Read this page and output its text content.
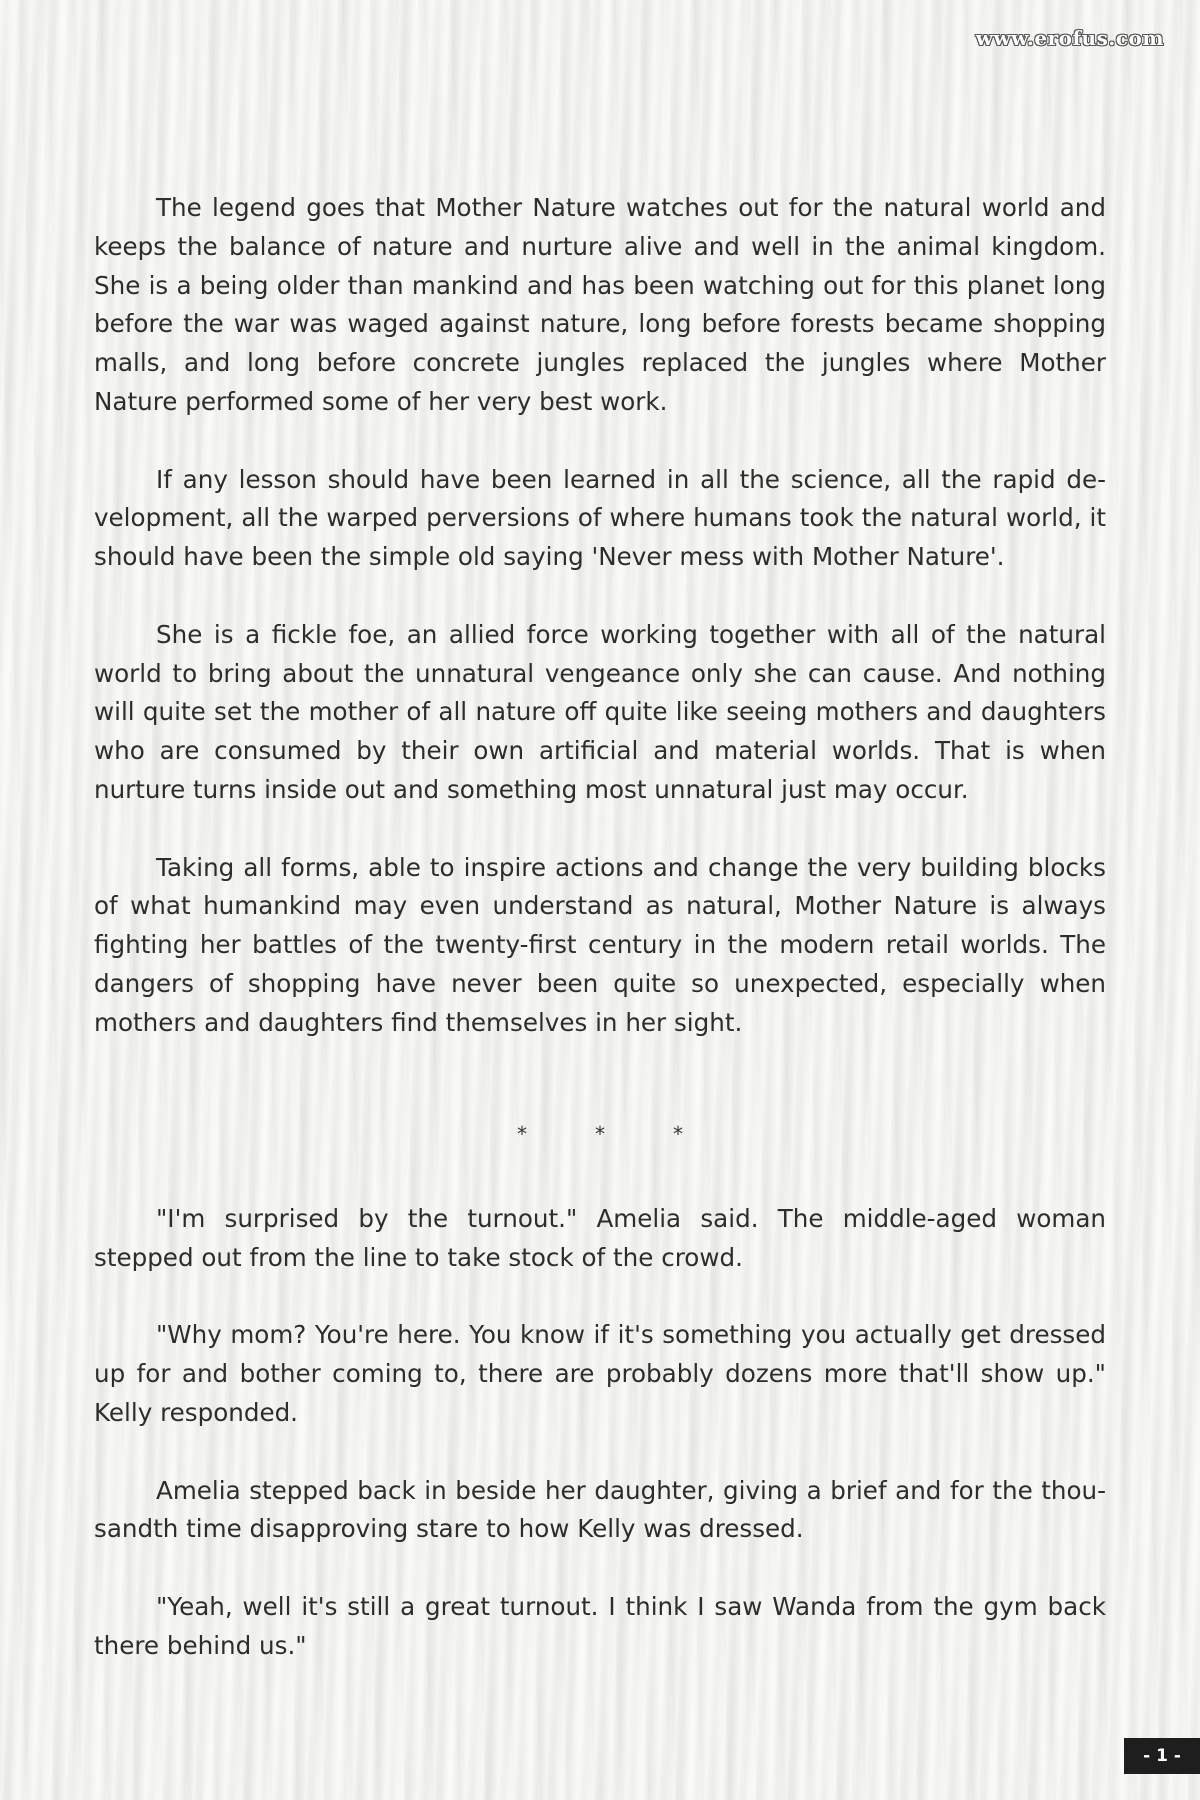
www.erofus.com

The legend goes that Mother Nature watches out for the natural world and keeps the balance of nature and nurture alive and well in the animal kingdom. She is a being older than mankind and has been watching out for this planet long before the war was waged against nature, long before forests became shopping malls, and long before concrete jungles replaced the jungles where Mother Nature performed some of her very best work.

If any lesson should have been learned in all the science, all the rapid development, all the warped perversions of where humans took the natural world, it should have been the simple old saying 'Never mess with Mother Nature'.

She is a fickle foe, an allied force working together with all of the natural world to bring about the unnatural vengeance only she can cause. And nothing will quite set the mother of all nature off quite like seeing mothers and daughters who are consumed by their own artificial and material worlds. That is when nurture turns inside out and something most unnatural just may occur.

Taking all forms, able to inspire actions and change the very building blocks of what humankind may even understand as natural, Mother Nature is always fighting her battles of the twenty-first century in the modern retail worlds. The dangers of shopping have never been quite so unexpected, especially when mothers and daughters find themselves in her sight.

*	*	*

"I'm surprised by the turnout." Amelia said. The middle-aged woman stepped out from the line to take stock of the crowd.

"Why mom? You're here. You know if it's something you actually get dressed up for and bother coming to, there are probably dozens more that'll show up." Kelly responded.

Amelia stepped back in beside her daughter, giving a brief and for the thousandth time disapproving stare to how Kelly was dressed.

"Yeah, well it's still a great turnout. I think I saw Wanda from the gym back there behind us."

- 1 -
